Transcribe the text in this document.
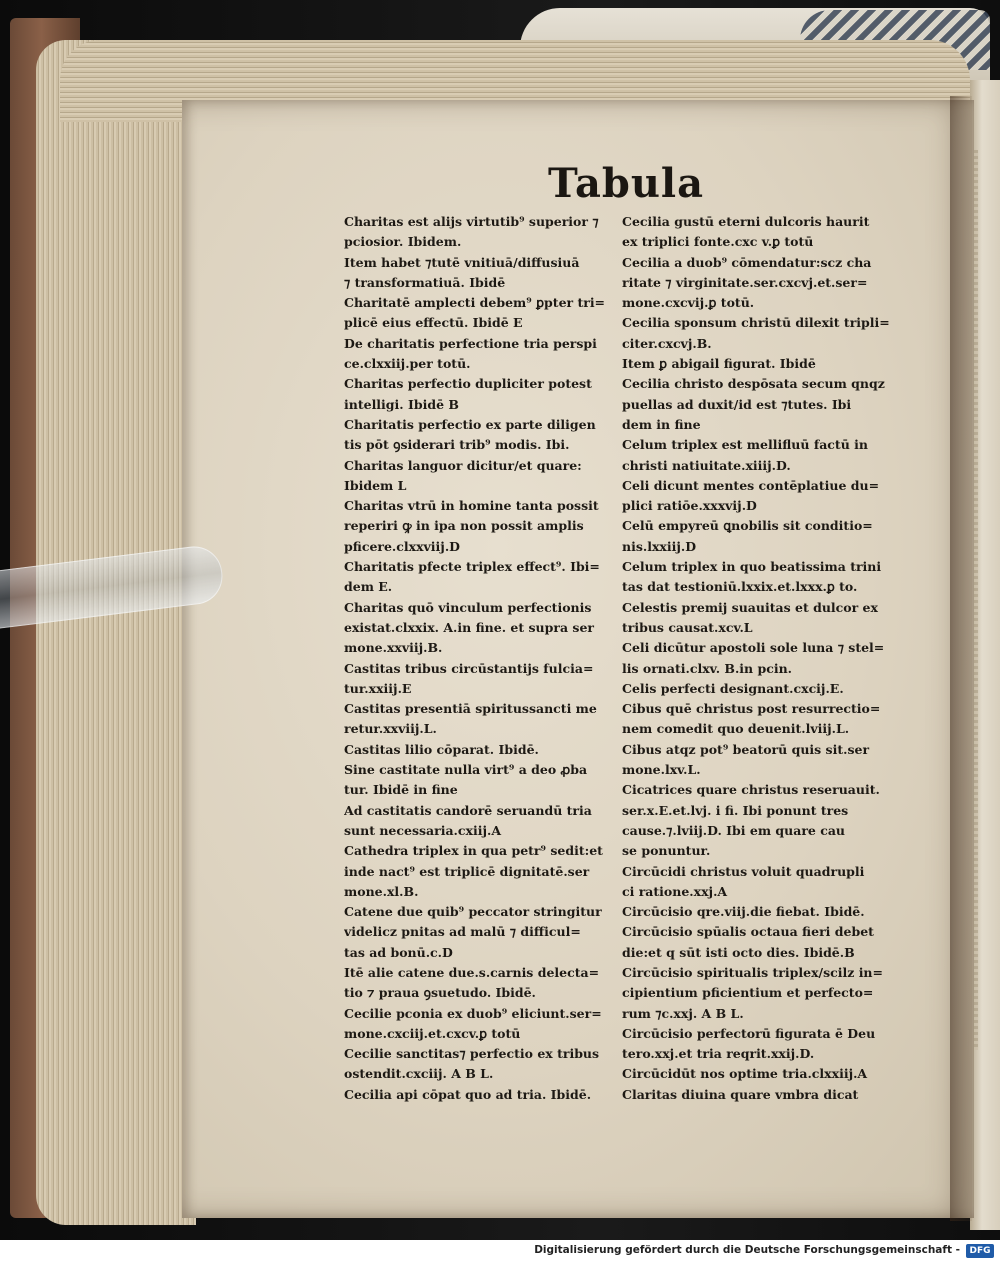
Tabula
Charitas est alijs virtutib⁹ superior ⁊
pciosior. Ibidem.
Item habet ⁊tutē vnitiuā/diffusiuā
⁊ transformatiuā. Ibidē
Charitatē amplecti debem⁹ ꝑpter tri=
plicē eius effectū. Ibidē E
De charitatis perfectione tria perspi
ce.clxxiij.per totū.
Charitas perfectio dupliciter potest
intelligi. Ibidē B
Charitatis perfectio ex parte diligen
tis pōt ꝯsiderari trib⁹ modis. Ibi.
Charitas languor dicitur/et quare:
Ibidem L
Charitas vtrū in homine tanta possit
reperiri ꝙ in ipa non possit amplis
pficere.clxxviij.D
Charitatis pfecte triplex effect⁹. Ibi=
dem E.
Charitas quō vinculum perfectionis
existat.clxxix. A.in fine. et supra ser
mone.xxviij.B.
Castitas tribus circūstantijs fulcia=
tur.xxiij.E
Castitas presentiā spiritussancti me
retur.xxviij.L.
Castitas lilio cōparat. Ibidē.
Sine castitate nulla virt⁹ a deo ꝓba
tur. Ibidē in fine
Ad castitatis candorē seruandū tria
sunt necessaria.cxiij.A
Cathedra triplex in qua petr⁹ sedit:et
inde nact⁹ est triplicē dignitatē.ser
mone.xl.B.
Catene due quib⁹ peccator stringitur
videlicz pnitas ad malū ⁊ difficul=
tas ad bonū.c.D
Itē alie catene due.s.carnis delecta=
tio ⁊ praua ꝯsuetudo. Ibidē.
Cecilie pconia ex duob⁹ eliciunt.ser=
mone.cxciij.et.cxcv.ꝑ totū
Cecilie sanctitas⁊ perfectio ex tribus
ostendit.cxciij. A B L.
Cecilia api cōpat quo ad tria. Ibidē.
Cecilia gustū eterni dulcoris haurit
ex triplici fonte.cxc v.ꝑ totū
Cecilia a duob⁹ cōmendatur:scz cha
ritate ⁊ virginitate.ser.cxcvj.et.ser=
mone.cxcvij.ꝑ totū.
Cecilia sponsum christū dilexit tripli=
citer.cxcvj.B.
Item ꝑ abigail figurat. Ibidē
Cecilia christo despōsata secum qnqz
puellas ad duxit/id est ⁊tutes. Ibi
dem in fine
Celum triplex est mellifluū factū in
christi natiuitate.xiiij.D.
Celi dicunt mentes contēplatiue du=
plici ratiōe.xxxvij.D
Celū empyreū ꝗnobilis sit conditio=
nis.lxxiij.D
Celum triplex in quo beatissima trini
tas dat testioniū.lxxix.et.lxxx.ꝑ to.
Celestis premij suauitas et dulcor ex
tribus causat.xcv.L
Celi dicūtur apostoli sole luna ⁊ stel=
lis ornati.clxv. B.in pcin.
Celis perfecti designant.cxcij.E.
Cibus quē christus post resurrectio=
nem comedit quo deuenit.lviij.L.
Cibus atqz pot⁹ beatorū quis sit.ser
mone.lxv.L.
Cicatrices quare christus reseruauit.
ser.x.E.et.lvj. i fi. Ibi ponunt tres
cause.⁊.lviij.D. Ibi em quare cau
se ponuntur.
Circūcidi christus voluit quadrupli
ci ratione.xxj.A
Circūcisio qre.viij.die fiebat. Ibidē.
Circūcisio spūalis octaua fieri debet
die:et q sūt isti octo dies. Ibidē.B
Circūcisio spiritualis triplex/scilz in=
cipientium pficientium et perfecto=
rum ⁊c.xxj. A B L.
Circūcisio perfectorū figurata ē Deu
tero.xxj.et tria reqrit.xxij.D.
Circūcidūt nos optime tria.clxxiij.A
Claritas diuina quare vmbra dicat
Digitalisierung gefördert durch die Deutsche Forschungsgemeinschaft -	DFG
